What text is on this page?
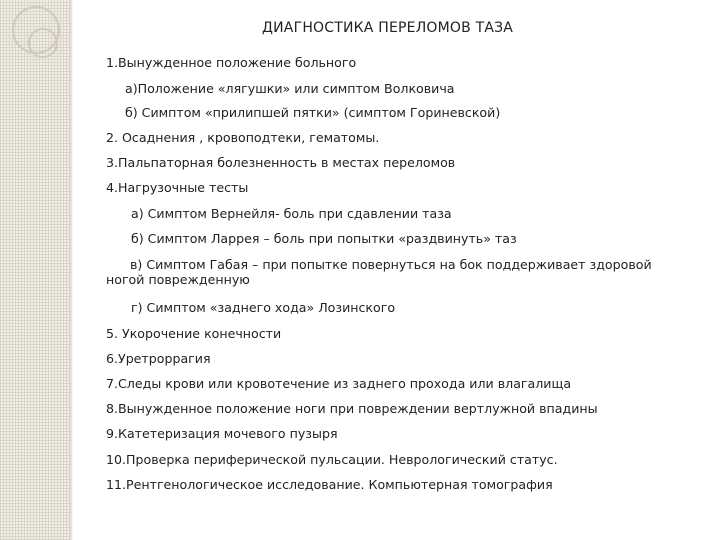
ДИАГНОСТИКА ПЕРЕЛОМОВ ТАЗА
1.Вынужденное положение больного
а)Положение «лягушки» или симптом Волковича
б) Симптом «прилипшей пятки» (симптом Гориневской)
2. Осаднения , кровоподтеки, гематомы.
3.Пальпаторная болезненность в местах переломов
4.Нагрузочные тесты
а) Симптом Вернейля- боль при сдавлении таза
б) Симптом Ларрея – боль при попытки «раздвинуть» таз
в) Симптом Габая – при попытке повернуться на бок поддерживает здоровой ногой поврежденную
г) Симптом «заднего хода» Лозинского
5. Укорочение конечности
6.Уретроррагия
7.Следы крови или кровотечение из заднего прохода или влагалища
8.Вынужденное положение ноги при повреждении вертлужной впадины
9.Катетеризация мочевого пузыря
10.Проверка периферической пульсации. Неврологический статус.
11.Рентгенологическое исследование. Компьютерная томография
